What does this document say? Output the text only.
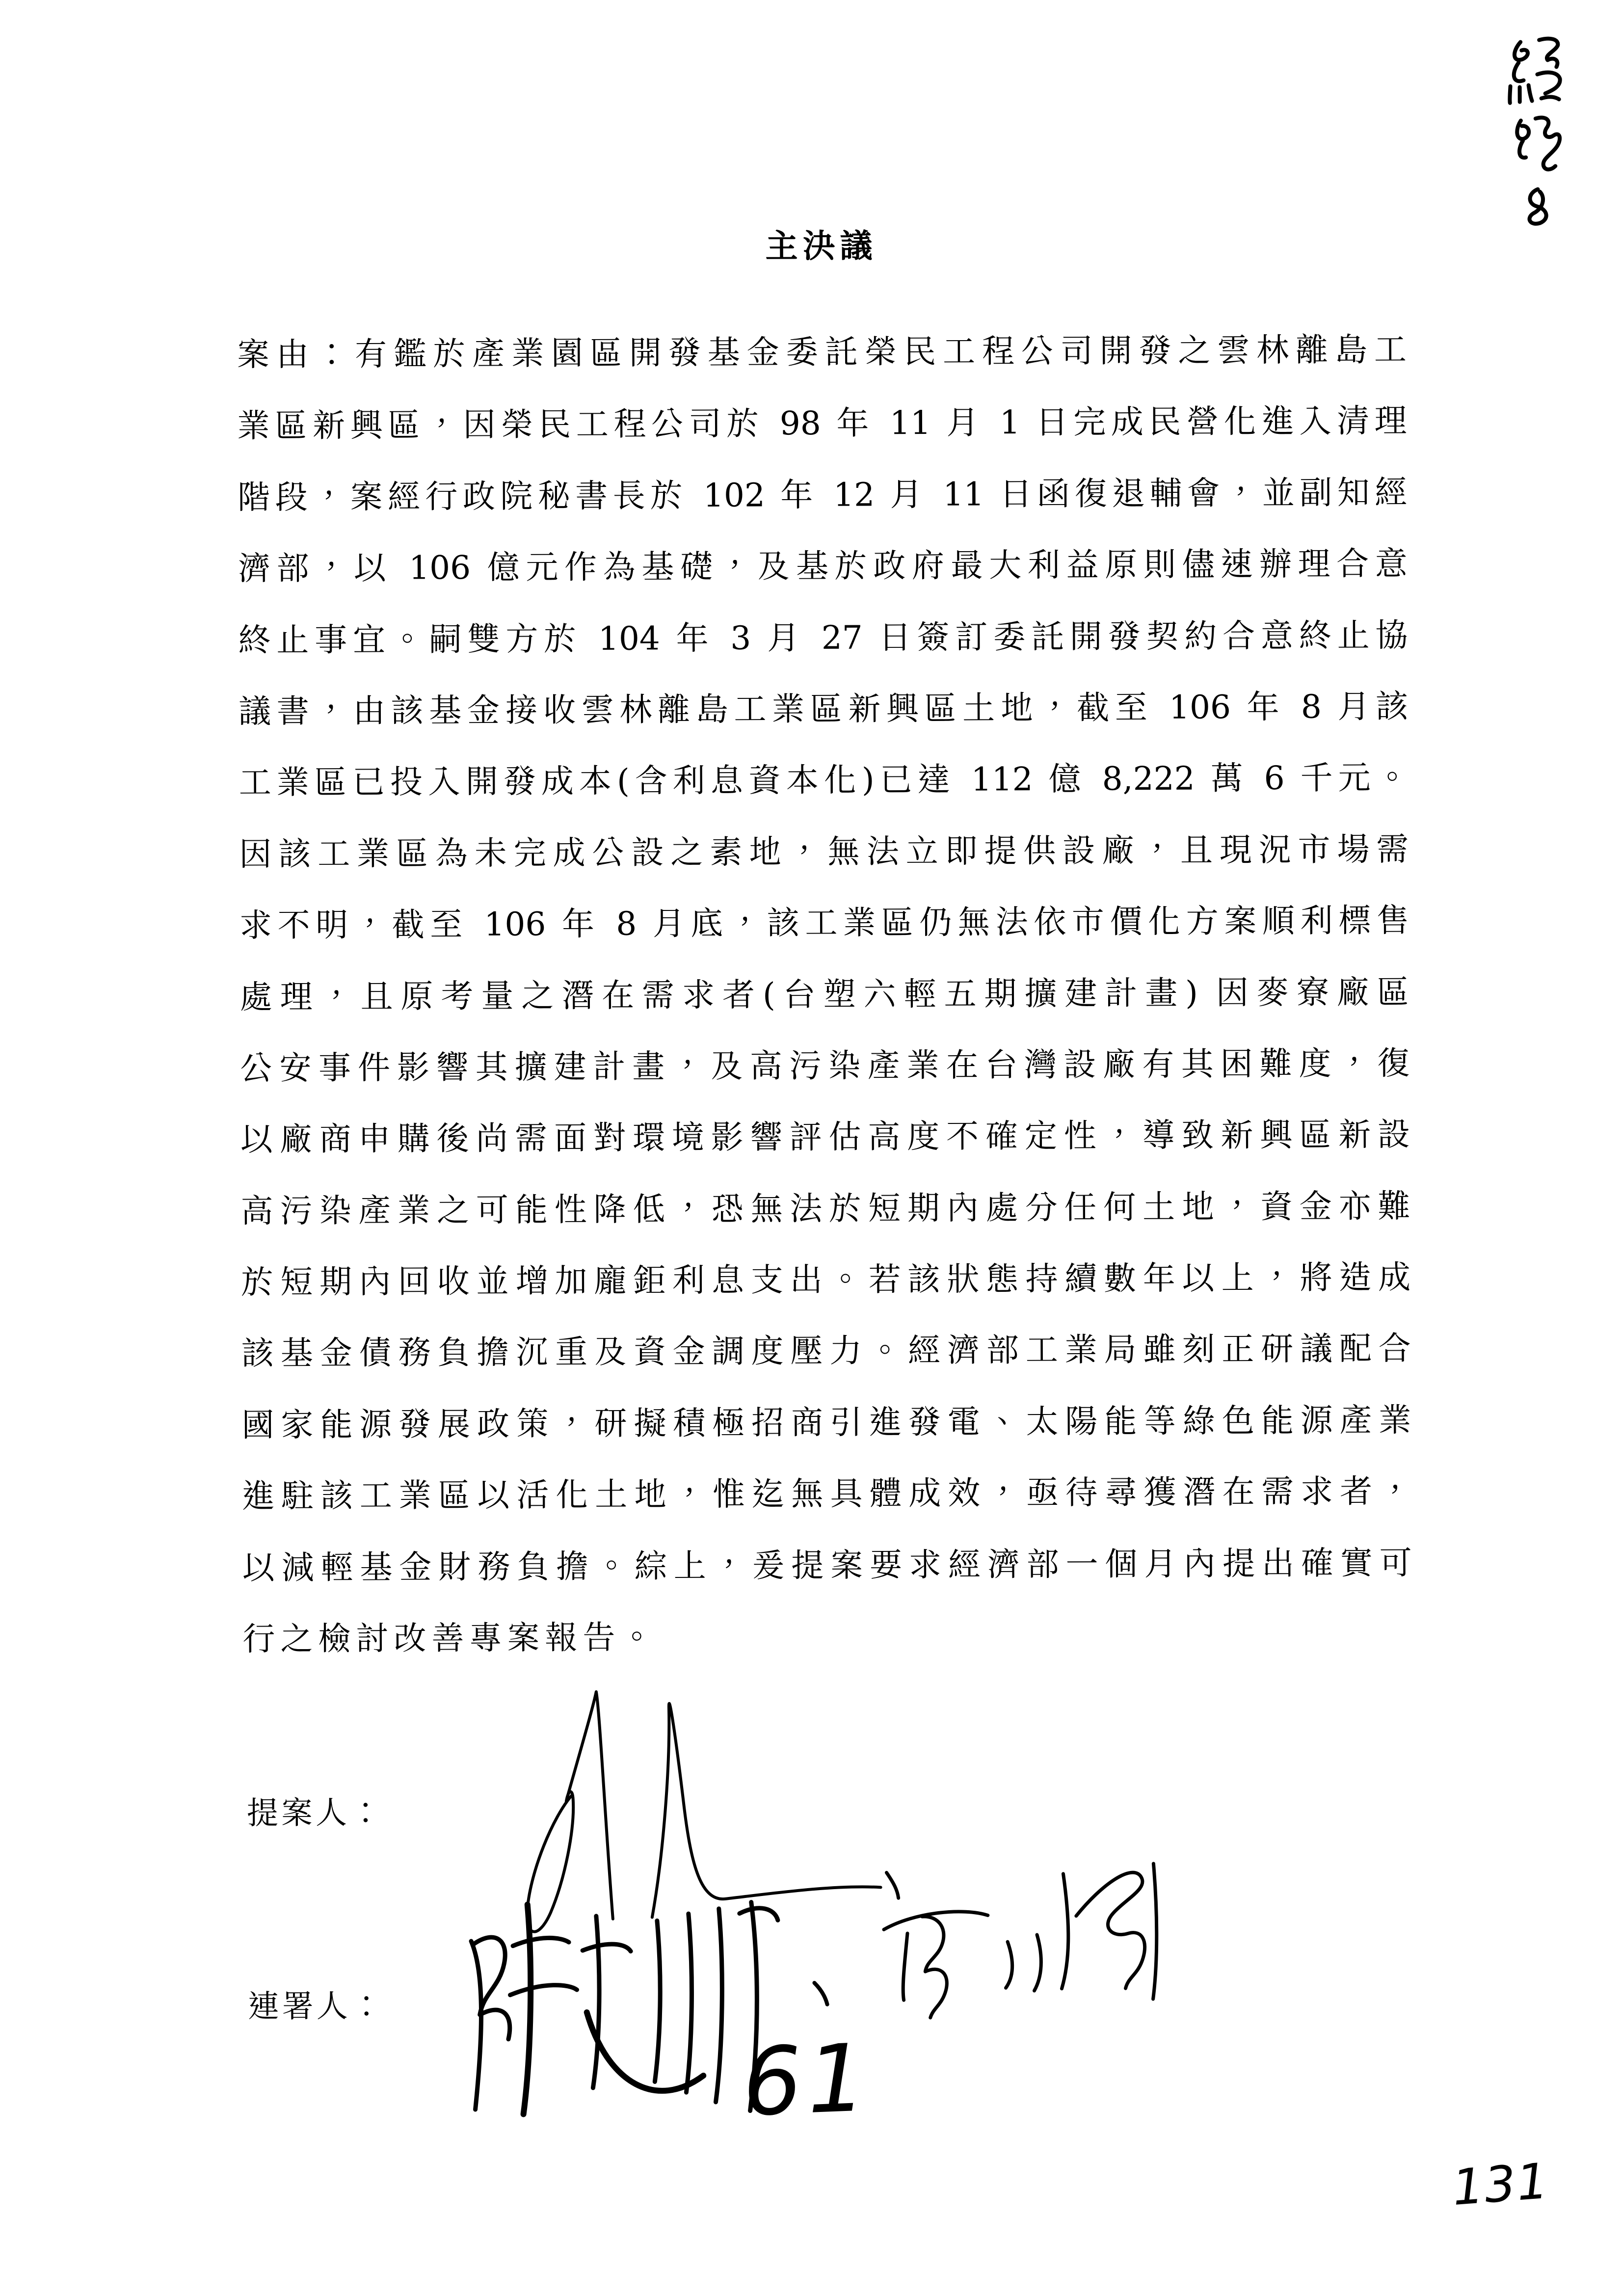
主決議
案由：有鑑於產業園區開發基金委託榮民工程公司開發之雲林離島工
業區新興區，因榮民工程公司於 98 年 11 月 1 日完成民營化進入清理
階段，案經行政院秘書長於 102 年 12 月 11 日函復退輔會，並副知經
濟部，以 106 億元作為基礎，及基於政府最大利益原則儘速辦理合意
終止事宜。嗣雙方於 104 年 3 月 27 日簽訂委託開發契約合意終止協
議書，由該基金接收雲林離島工業區新興區土地，截至 106 年 8 月該
工業區已投入開發成本(含利息資本化)已達 112 億 8,222 萬 6 千元。
因該工業區為未完成公設之素地，無法立即提供設廠，且現況市場需
求不明，截至 106 年 8 月底，該工業區仍無法依市價化方案順利標售
處理，且原考量之潛在需求者(台塑六輕五期擴建計畫) 因麥寮廠區
公安事件影響其擴建計畫，及高污染產業在台灣設廠有其困難度，復
以廠商申購後尚需面對環境影響評估高度不確定性，導致新興區新設
高污染產業之可能性降低，恐無法於短期內處分任何土地，資金亦難
於短期內回收並增加龐鉅利息支出。若該狀態持續數年以上，將造成
該基金債務負擔沉重及資金調度壓力。經濟部工業局雖刻正研議配合
國家能源發展政策，研擬積極招商引進發電、太陽能等綠色能源產業
進駐該工業區以活化土地，惟迄無具體成效，亟待尋獲潛在需求者，
以減輕基金財務負擔。綜上，爰提案要求經濟部一個月內提出確實可
行之檢討改善專案報告。
提案人：
連署人：
61
131
